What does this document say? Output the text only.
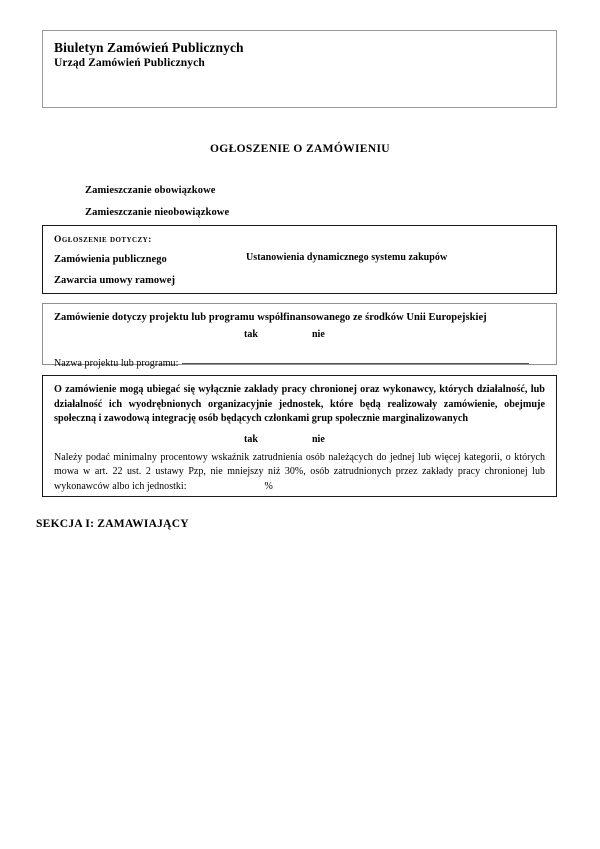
Biuletyn Zamówień Publicznych
Urząd Zamówień Publicznych
OGŁOSZENIE O ZAMÓWIENIU
Zamieszczanie obowiązkowe
Zamieszczanie nieobowiązkowe
Ogłoszenie dotyczy:
Zamówienia publicznego	Ustanowienia dynamicznego systemu zakupów
Zawarcia umowy ramowej
Zamówienie dotyczy projektu lub programu współfinansowanego ze środków Unii Europejskiej
tak	nie
Nazwa projektu lub programu:
O zamówienie mogą ubiegać się wyłącznie zakłady pracy chronionej oraz wykonawcy, których działalność, lub działalność ich wyodrębnionych organizacyjnie jednostek, które będą realizowały zamówienie, obejmuje społeczną i zawodową integrację osób będących członkami grup społecznie marginalizowanych
tak	nie
Należy podać minimalny procentowy wskaźnik zatrudnienia osób należących do jednej lub więcej kategorii, o których mowa w art. 22 ust. 2 ustawy Pzp, nie mniejszy niż 30%, osób zatrudnionych przez zakłady pracy chronionej lub wykonawców albo ich jednostki:	%
SEKCJA I: ZAMAWIAJĄCY
